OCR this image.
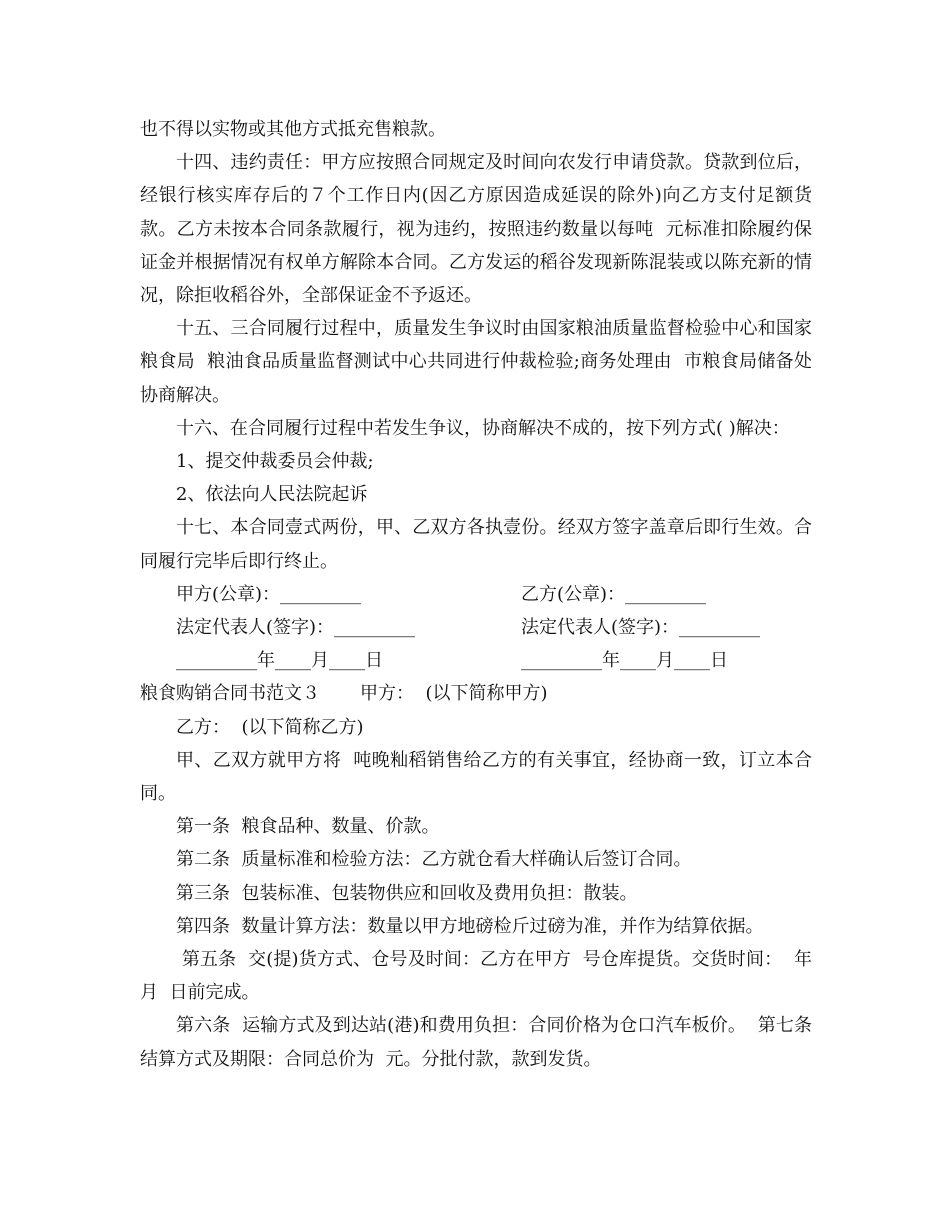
也不得以实物或其他方式抵充售粮款。

十四、违约责任：甲方应按照合同规定及时间向农发行申请贷款。贷款到位后，经银行核实库存后的７个工作日内(因乙方原因造成延误的除外)向乙方支付足额货款。乙方未按本合同条款履行，视为违约，按照违约数量以每吨  元标准扣除履约保证金并根据情况有权单方解除本合同。乙方发运的稻谷发现新陈混装或以陈充新的情况，除拒收稻谷外，全部保证金不予返还。

十五、三合同履行过程中，质量发生争议时由国家粮油质量监督检验中心和国家粮食局  粮油食品质量监督测试中心共同进行仲裁检验;商务处理由  市粮食局储备处协商解决。

十六、在合同履行过程中若发生争议，协商解决不成的，按下列方式( )解决：

1、提交仲裁委员会仲裁;

2、依法向人民法院起诉

十七、本合同壹式两份，甲、乙双方各执壹份。经双方签字盖章后即行生效。合同履行完毕后即行终止。

甲方(公章)：_________	乙方(公章)：_________
法定代表人(签字)：_________	法定代表人(签字)：_________
_________年____月____日	_________年____月____日

粮食购销合同书范文３       甲方：  (以下简称甲方)

乙方：  (以下简称乙方)

甲、乙双方就甲方将  吨晚籼稻销售给乙方的有关事宜，经协商一致，订立本合同。

第一条  粮食品种、数量、价款。

第二条  质量标准和检验方法：乙方就仓看大样确认后签订合同。

第三条  包装标准、包装物供应和回收及费用负担：散装。

第四条  数量计算方法：数量以甲方地磅检斤过磅为准，并作为结算依据。

第五条  交(提)货方式、仓号及时间：乙方在甲方  号仓库提货。交货时间：  年  月  日前完成。

第六条  运输方式及到达站(港)和费用负担：合同价格为仓口汽车板价。  第七条  结算方式及期限：合同总价为  元。分批付款，款到发货。
